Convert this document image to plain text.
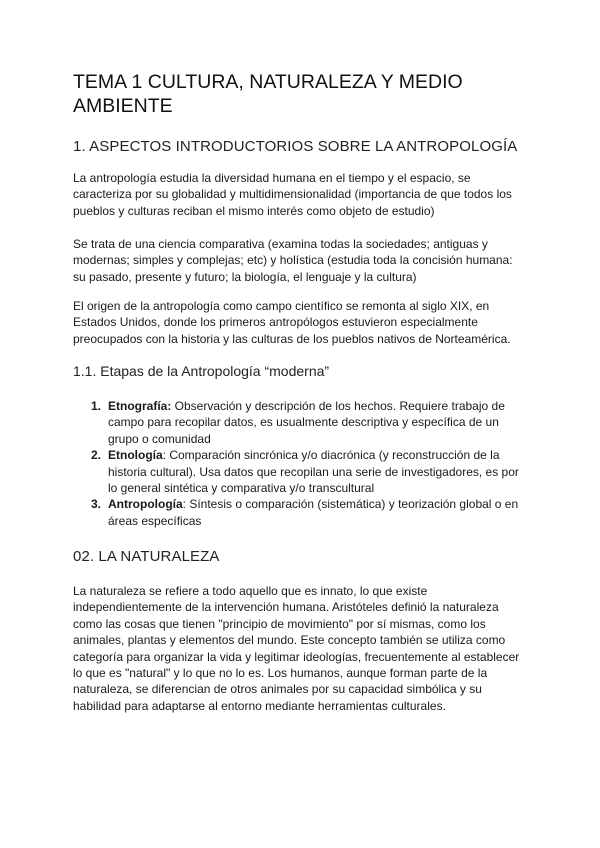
TEMA 1 CULTURA, NATURALEZA Y MEDIO AMBIENTE
1. ASPECTOS INTRODUCTORIOS SOBRE LA ANTROPOLOGÍA

La antropología estudia la diversidad humana en el tiempo y el espacio, se caracteriza por su globalidad y multidimensionalidad (importancia de que todos los pueblos y culturas reciban el mismo interés como objeto de estudio)

Se trata de una ciencia comparativa (examina todas la sociedades; antiguas y modernas; simples y complejas; etc) y holística (estudia toda la concisión humana: su pasado, presente y futuro; la biología, el lenguaje y la cultura)

El origen de la antropología como campo científico se remonta al siglo XIX, en Estados Unidos, donde los primeros antropólogos estuvieron especialmente preocupados con la historia y las culturas de los pueblos nativos de Norteamérica.

1.1. Etapas de la Antropología “moderna”
1. Etnografía: Observación y descripción de los hechos. Requiere trabajo de campo para recopilar datos, es usualmente descriptiva y específica de un grupo o comunidad
2. Etnología: Comparación sincrónica y/o diacrónica (y reconstrucción de la historia cultural). Usa datos que recopilan una serie de investigadores, es por lo general sintética y comparativa y/o transcultural
3. Antropología: Síntesis o comparación (sistemática) y teorización global o en áreas específicas
02. LA NATURALEZA

La naturaleza se refiere a todo aquello que es innato, lo que existe independientemente de la intervención humana. Aristóteles definió la naturaleza como las cosas que tienen "principio de movimiento" por sí mismas, como los animales, plantas y elementos del mundo. Este concepto también se utiliza como categoría para organizar la vida y legitimar ideologías, frecuentemente al establecer lo que es "natural" y lo que no lo es. Los humanos, aunque forman parte de la naturaleza, se diferencian de otros animales por su capacidad simbólica y su habilidad para adaptarse al entorno mediante herramientas culturales.
